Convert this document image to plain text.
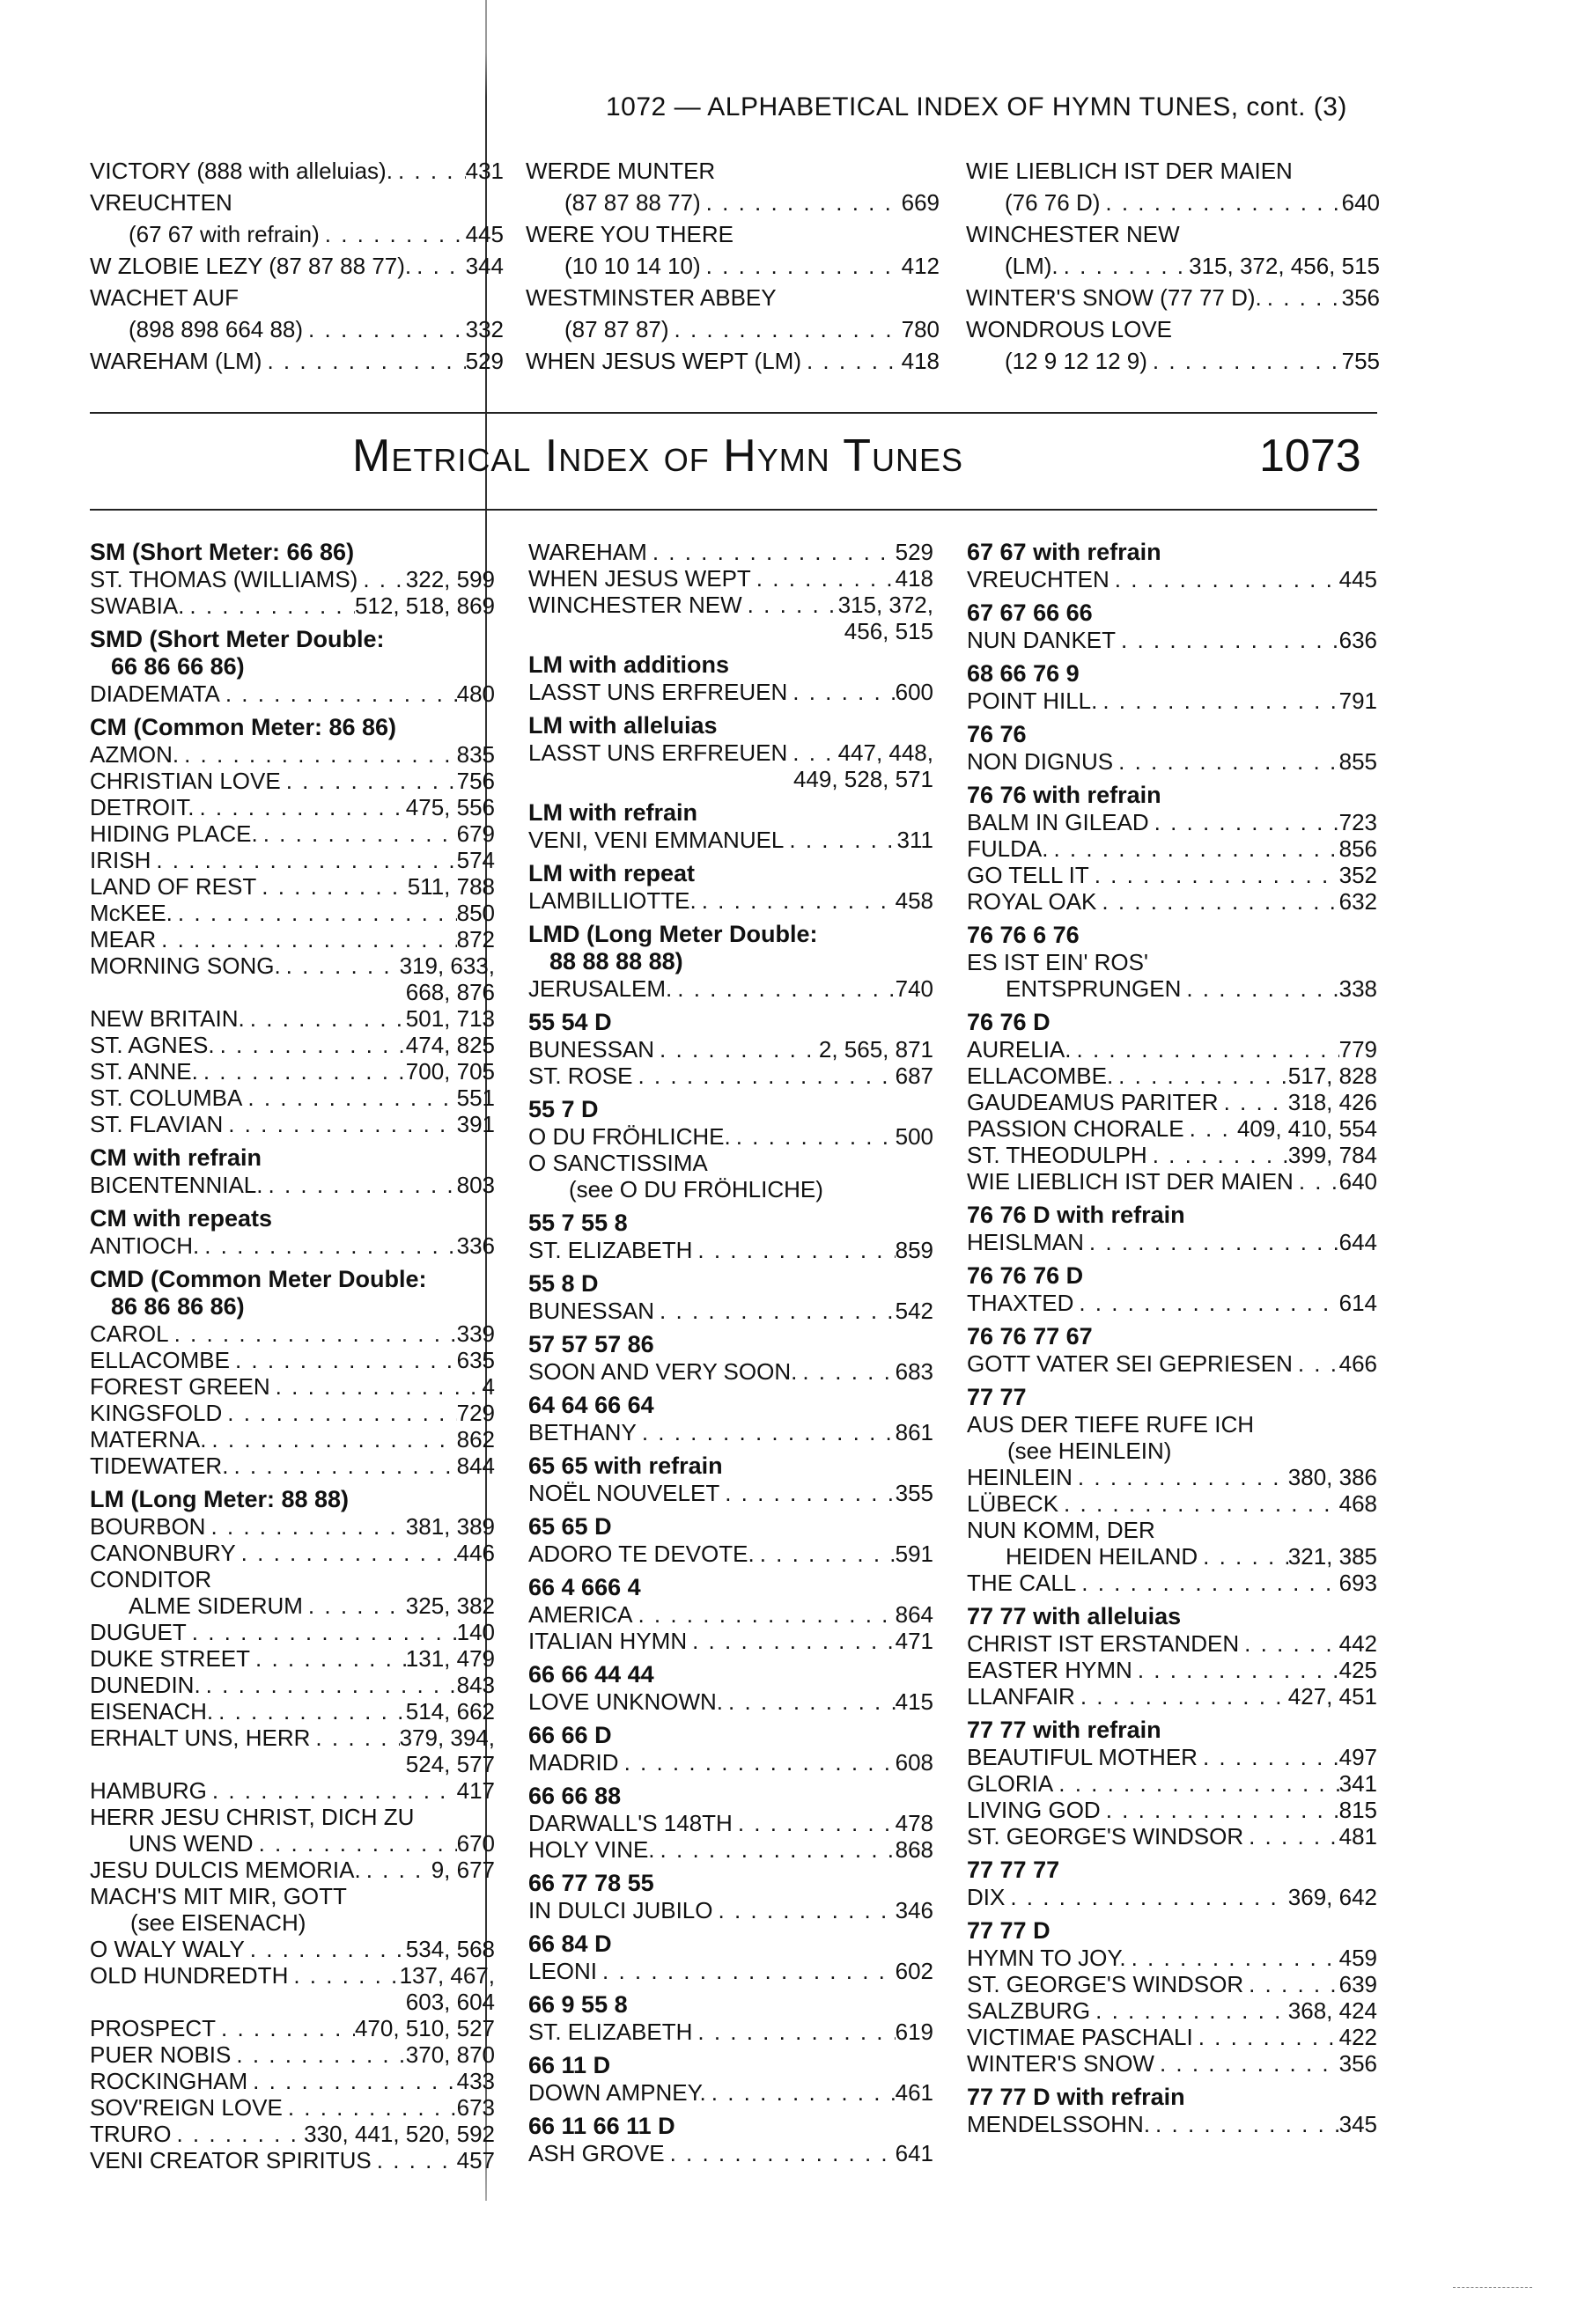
1072 — ALPHABETICAL INDEX OF HYMN TUNES, cont. (3)
VICTORY (888 with alleluias). . . .	431
VREUCHTEN
(67 67 with refrain) . . .	445
W ZLOBIE LEZY (87 87 88 77). . . . 344
WACHET AUF
(898 898 664 88) . . .	332
WAREHAM (LM) . . .	529
WERDE MUNTER
(87 87 88 77) . . .	669
WERE YOU THERE
(10 10 14 10) . . .	412
WESTMINSTER ABBEY
(87 87 87) . . .	780
WHEN JESUS WEPT (LM) . . .	418
WIE LIEBLICH IST DER MAIEN
(76 76 D) . . .	640
WINCHESTER NEW
(LM). . . .	315, 372, 456, 515
WINTER'S SNOW (77 77 D). . . .	356
WONDROUS LOVE
(12 9 12 12 9) . . .	755
Metrical Index of Hymn Tunes	1073
SM (Short Meter: 66 86)
ST. THOMAS (WILLIAMS) . . . 322, 599
SWABIA. . . .	512, 518, 869
SMD (Short Meter Double:
66 86 66 86)
DIADEMATA . . .	480
CM (Common Meter: 86 86)
AZMON. . . .	835
CHRISTIAN LOVE . . .	756
DETROIT. . . .	475, 556
HIDING PLACE. . . .	679
IRISH . . .	574
LAND OF REST . . .	511, 788
McKEE. . . .	850
MEAR . . .	872
MORNING SONG. . . .	319, 633,
668, 876
NEW BRITAIN. . . .	501, 713
ST. AGNES. . . .	474, 825
ST. ANNE. . . .	700, 705
ST. COLUMBA . . .	551
ST. FLAVIAN . . .	391
CM with refrain
BICENTENNIAL. . . .	803
CM with repeats
ANTIOCH. . . .	336
CMD (Common Meter Double:
86 86 86 86)
CAROL . . .	339
ELLACOMBE . . .	635
FOREST GREEN . . .	4
KINGSFOLD . . .	729
MATERNA. . . .	862
TIDEWATER. . . .	844
LM (Long Meter: 88 88)
BOURBON . . .	381, 389
CANONBURY . . .	446
CONDITOR
ALME SIDERUM . . .	325, 382
DUGUET . . .	140
DUKE STREET . . .	131, 479
DUNEDIN. . . .	843
EISENACH. . . .	514, 662
ERHALT UNS, HERR . . .	379, 394,
524, 577
HAMBURG . . .	417
HERR JESU CHRIST, DICH ZU
UNS WEND . . .	670
JESU DULCIS MEMORIA. . . .	9, 677
MACH'S MIT MIR, GOTT
(see EISENACH)
O WALY WALY . . .	534, 568
OLD HUNDREDTH . . .	137, 467,
603, 604
PROSPECT . . .	470, 510, 527
PUER NOBIS . . .	370, 870
ROCKINGHAM . . .	433
SOV'REIGN LOVE . . .	673
TRURO . . .	330, 441, 520, 592
VENI CREATOR SPIRITUS . . .	457
WAREHAM . . .	529
WHEN JESUS WEPT . . .	418
WINCHESTER NEW . . .	315, 372,
456, 515
LM with additions
LASST UNS ERFREUEN . . .	600
LM with alleluias
LASST UNS ERFREUEN . . . 447, 448,
449, 528, 571
LM with refrain
VENI, VENI EMMANUEL . . .	311
LM with repeat
LAMBILLIOTTE. . . .	458
LMD (Long Meter Double:
88 88 88 88)
JERUSALEM. . . .	740
55 54 D
BUNESSAN . . .	2, 565, 871
ST. ROSE . . .	687
55 7 D
O DU FRÖHLICHE. . . .	500
O SANCTISSIMA
(see O DU FRÖHLICHE)
55 7 55 8
ST. ELIZABETH . . .	859
55 8 D
BUNESSAN . . .	542
57 57 57 86
SOON AND VERY SOON. . . .	683
64 64 66 64
BETHANY . . .	861
65 65 with refrain
NOËL NOUVELET . . .	355
65 65 D
ADORO TE DEVOTE. . . .	591
66 4 666 4
AMERICA . . .	864
ITALIAN HYMN . . .	471
66 66 44 44
LOVE UNKNOWN. . . .	415
66 66 D
MADRID . . .	608
66 66 88
DARWALL'S 148TH . . .	478
HOLY VINE. . . .	868
66 77 78 55
IN DULCI JUBILO . . .	346
66 84 D
LEONI . . .	602
66 9 55 8
ST. ELIZABETH . . .	619
66 11 D
DOWN AMPNEY. . . .	461
66 11 66 11 D
ASH GROVE . . .	641
67 67 with refrain
VREUCHTEN . . .	445
67 67 66 66
NUN DANKET . . .	636
68 66 76 9
POINT HILL. . . .	791
76 76
NON DIGNUS . . .	855
76 76 with refrain
BALM IN GILEAD . . .	723
FULDA. . . .	856
GO TELL IT . . .	352
ROYAL OAK . . .	632
76 76 6 76
ES IST EIN' ROS'
ENTSPRUNGEN . . .	338
76 76 D
AURELIA. . . .	779
ELLACOMBE. . . .	517, 828
GAUDEAMUS PARITER . . .	318, 426
PASSION CHORALE . . . 409, 410, 554
ST. THEODULPH . . .	399, 784
WIE LIEBLICH IST DER MAIEN . . . 640
76 76 D with refrain
HEISLMAN . . .	644
76 76 76 D
THAXTED . . .	614
76 76 77 67
GOTT VATER SEI GEPRIESEN . . . 466
77 77
AUS DER TIEFE RUFE ICH
(see HEINLEIN)
HEINLEIN . . .	380, 386
LÜBECK . . .	468
NUN KOMM, DER
HEIDEN HEILAND . . .	321, 385
THE CALL . . .	693
77 77 with alleluias
CHRIST IST ERSTANDEN . . .	442
EASTER HYMN . . .	425
LLANFAIR . . .	427, 451
77 77 with refrain
BEAUTIFUL MOTHER . . .	497
GLORIA . . .	341
LIVING GOD . . .	815
ST. GEORGE'S WINDSOR . . .	481
77 77 77
DIX . . .	369, 642
77 77 D
HYMN TO JOY. . . .	459
ST. GEORGE'S WINDSOR . . .	639
SALZBURG . . .	368, 424
VICTIMAE PASCHALI . . .	422
WINTER'S SNOW . . .	356
77 77 D with refrain
MENDELSSOHN. . . .	345
